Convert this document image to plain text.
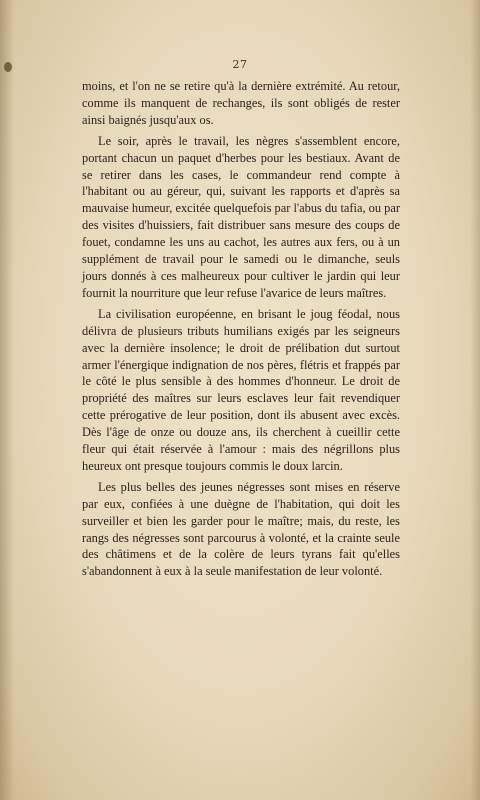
27

moins, et l'on ne se retire qu'à la dernière extrémité. Au retour, comme ils manquent de rechanges, ils sont obligés de rester ainsi baignés jusqu'aux os.

Le soir, après le travail, les nègres s'assemblent encore, portant chacun un paquet d'herbes pour les bestiaux. Avant de se retirer dans les cases, le commandeur rend compte à l'habitant ou au géreur, qui, suivant les rapports et d'après sa mauvaise humeur, excitée quelquefois par l'abus du tafia, ou par des visites d'huissiers, fait distribuer sans mesure des coups de fouet, condamne les uns au cachot, les autres aux fers, ou à un supplément de travail pour le samedi ou le dimanche, seuls jours donnés à ces malheureux pour cultiver le jardin qui leur fournit la nourriture que leur refuse l'avarice de leurs maîtres.

La civilisation européenne, en brisant le joug féodal, nous délivra de plusieurs tributs humilians exigés par les seigneurs avec la dernière insolence; le droit de prélibation dut surtout armer l'énergique indignation de nos pères, flétris et frappés par le côté le plus sensible à des hommes d'honneur. Le droit de propriété des maîtres sur leurs esclaves leur fait revendiquer cette prérogative de leur position, dont ils abusent avec excès. Dès l'âge de onze ou douze ans, ils cherchent à cueillir cette fleur qui était réservée à l'amour : mais des négrillons plus heureux ont presque toujours commis le doux larcin.

Les plus belles des jeunes négresses sont mises en réserve par eux, confiées à une duègne de l'habitation, qui doit les surveiller et bien les garder pour le maître; mais, du reste, les rangs des négresses sont parcourus à volonté, et la crainte seule des châtimens et de la colère de leurs tyrans fait qu'elles s'abandonnent à eux à la seule manifestation de leur volonté.
